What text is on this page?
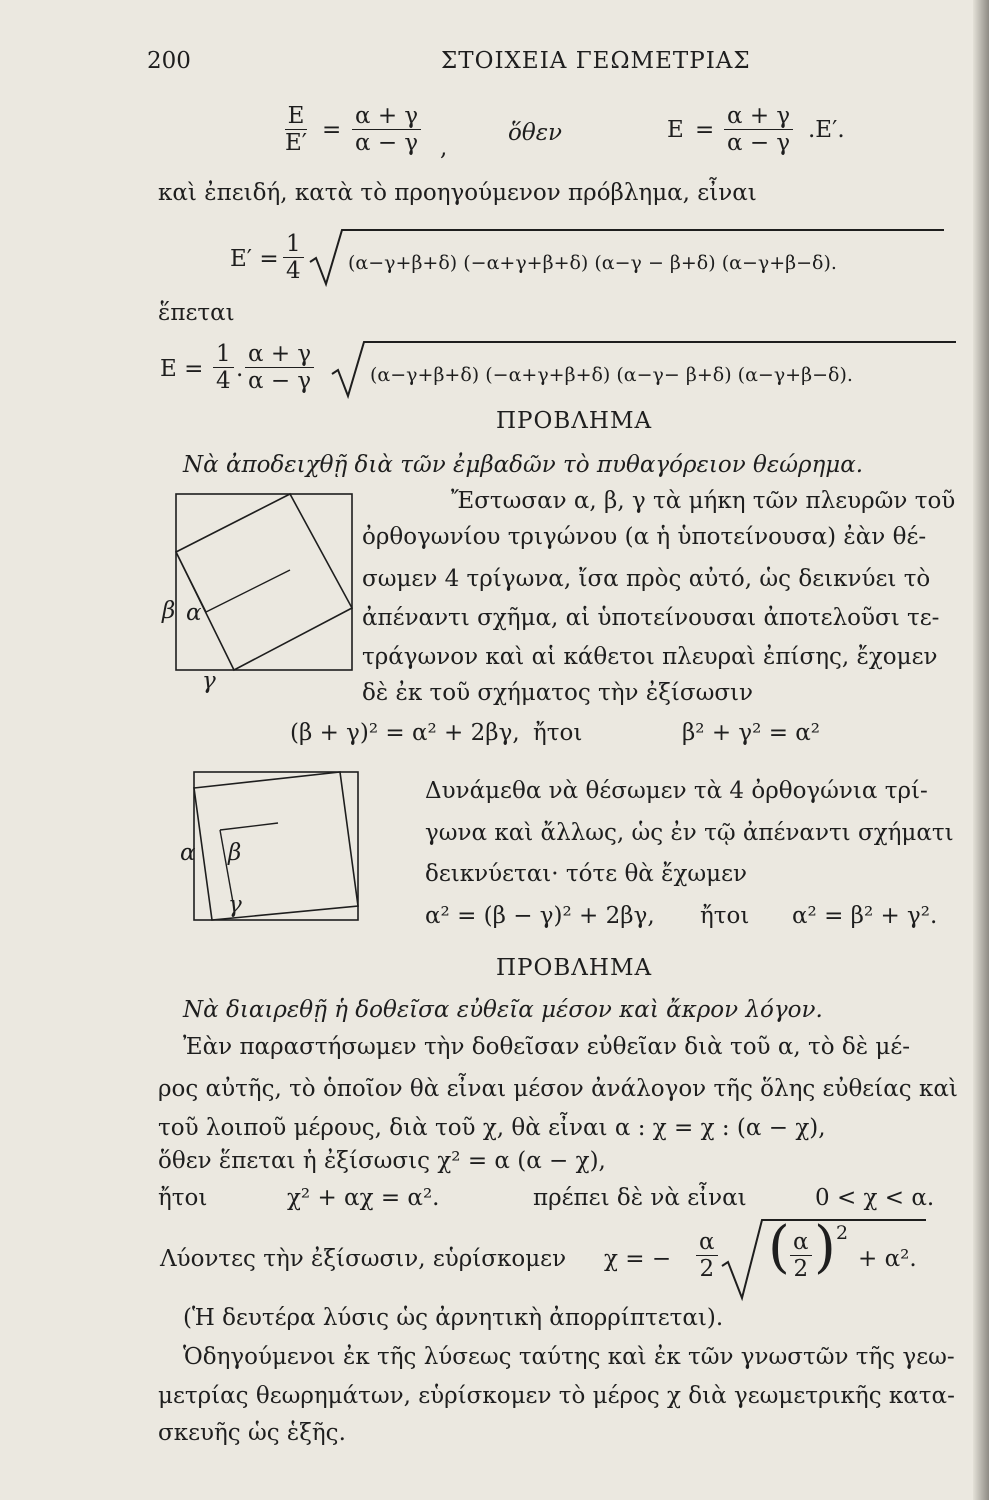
200	ΣΤΟΙΧΕΙΑ ΓΕΩΜΕΤΡΙΑΣ
$\frac{E}{E'} = \frac{\alpha + \gamma}{\alpha - \gamma}$ ,
ὅθεν	$E = \frac{\alpha + \gamma}{\alpha - \gamma} .E'$.
καὶ ἐπειδή, κατὰ τὸ προηγούμενον πρόβλημα, εἶναι
$E' = \frac{1}{4} (\alpha-\gamma+\beta+\delta)$ (−α+γ+β+δ) (α−γ − β+δ) (α−γ+β−δ).
ἕπεται
$E = \frac{1}{4}$ . $\frac{\alpha + \gamma}{\alpha - \gamma}$	(α−γ+β+δ) (−α+γ+β+δ) (α−γ− β+δ) (α−γ+β−δ).
ΠΡΟΒΛΗΜΑ
Νὰ ἀποδειχθῇ διὰ τῶν ἐμβαδῶν τὸ πυθαγόρειον θεώρημα.
Ἔστωσαν α, β, γ τὰ μήκη τῶν πλευρῶν τοῦ
ὀρθογωνίου τριγώνου (α ἡ ὑποτείνουσα) ἐὰν θέ-
σωμεν 4 τρίγωνα, ἴσα πρὸς αὐτό, ὡς δεικνύει τὸ
ἀπέναντι σχῆμα, αἱ ὑποτείνουσαι ἀποτελοῦσι τε-
τράγωνον καὶ αἱ κάθετοι πλευραὶ ἐπίσης, ἔχομεν
δὲ ἐκ τοῦ σχήματος τὴν ἐξίσωσιν
β α
γ
(β + γ)² = α² + 2βγ, ἤτοι	β² + γ² = α²
Δυνάμεθα νὰ θέσωμεν τὰ 4 ὀρθογώνια τρί-
γωνα καὶ ἄλλως, ὡς ἐν τῷ ἀπέναντι σχήματι
δεικνύεται· τότε θὰ ἔχωμεν
α β
γ	α² = (β − γ)² + 2βγ, ἤτοι α² = β² + γ².
ΠΡΟΒΛΗΜΑ
Νὰ διαιρεθῇ ἡ δοθεῖσα εὐθεῖα μέσον καὶ ἄκρον λόγον.
Ἐὰν παραστήσωμεν τὴν δοθεῖσαν εὐθεῖαν διὰ τοῦ α, τὸ δὲ μέ-
ρος αὐτῆς, τὸ ὁποῖον θὰ εἶναι μέσον ἀνάλογον τῆς ὅλης εὐθείας καὶ
τοῦ λοιποῦ μέρους, διὰ τοῦ χ, θὰ εἶναι α : χ = χ : (α − χ),
ὅθεν ἕπεται ἡ ἐξίσωσις χ² = α (α − χ),
ἤτοι	χ² + αχ = α².	πρέπει δὲ νὰ εἶναι	0 < χ < α.
Λύοντες τὴν ἐξίσωσιν, εὑρίσκομεν χ = − $\frac{\alpha}{2}$ ( $\frac{\alpha}{2}$ ) 2
+ α².
(Ἡ δευτέρα λύσις ὡς ἀρνητικὴ ἀπορρίπτεται).
Ὁδηγούμενοι ἐκ τῆς λύσεως ταύτης καὶ ἐκ τῶν γνωστῶν τῆς γεω-
μετρίας θεωρημάτων, εὑρίσκομεν τὸ μέρος χ διὰ γεωμετρικῆς κατα-
σκευῆς ὡς ἑξῆς.
